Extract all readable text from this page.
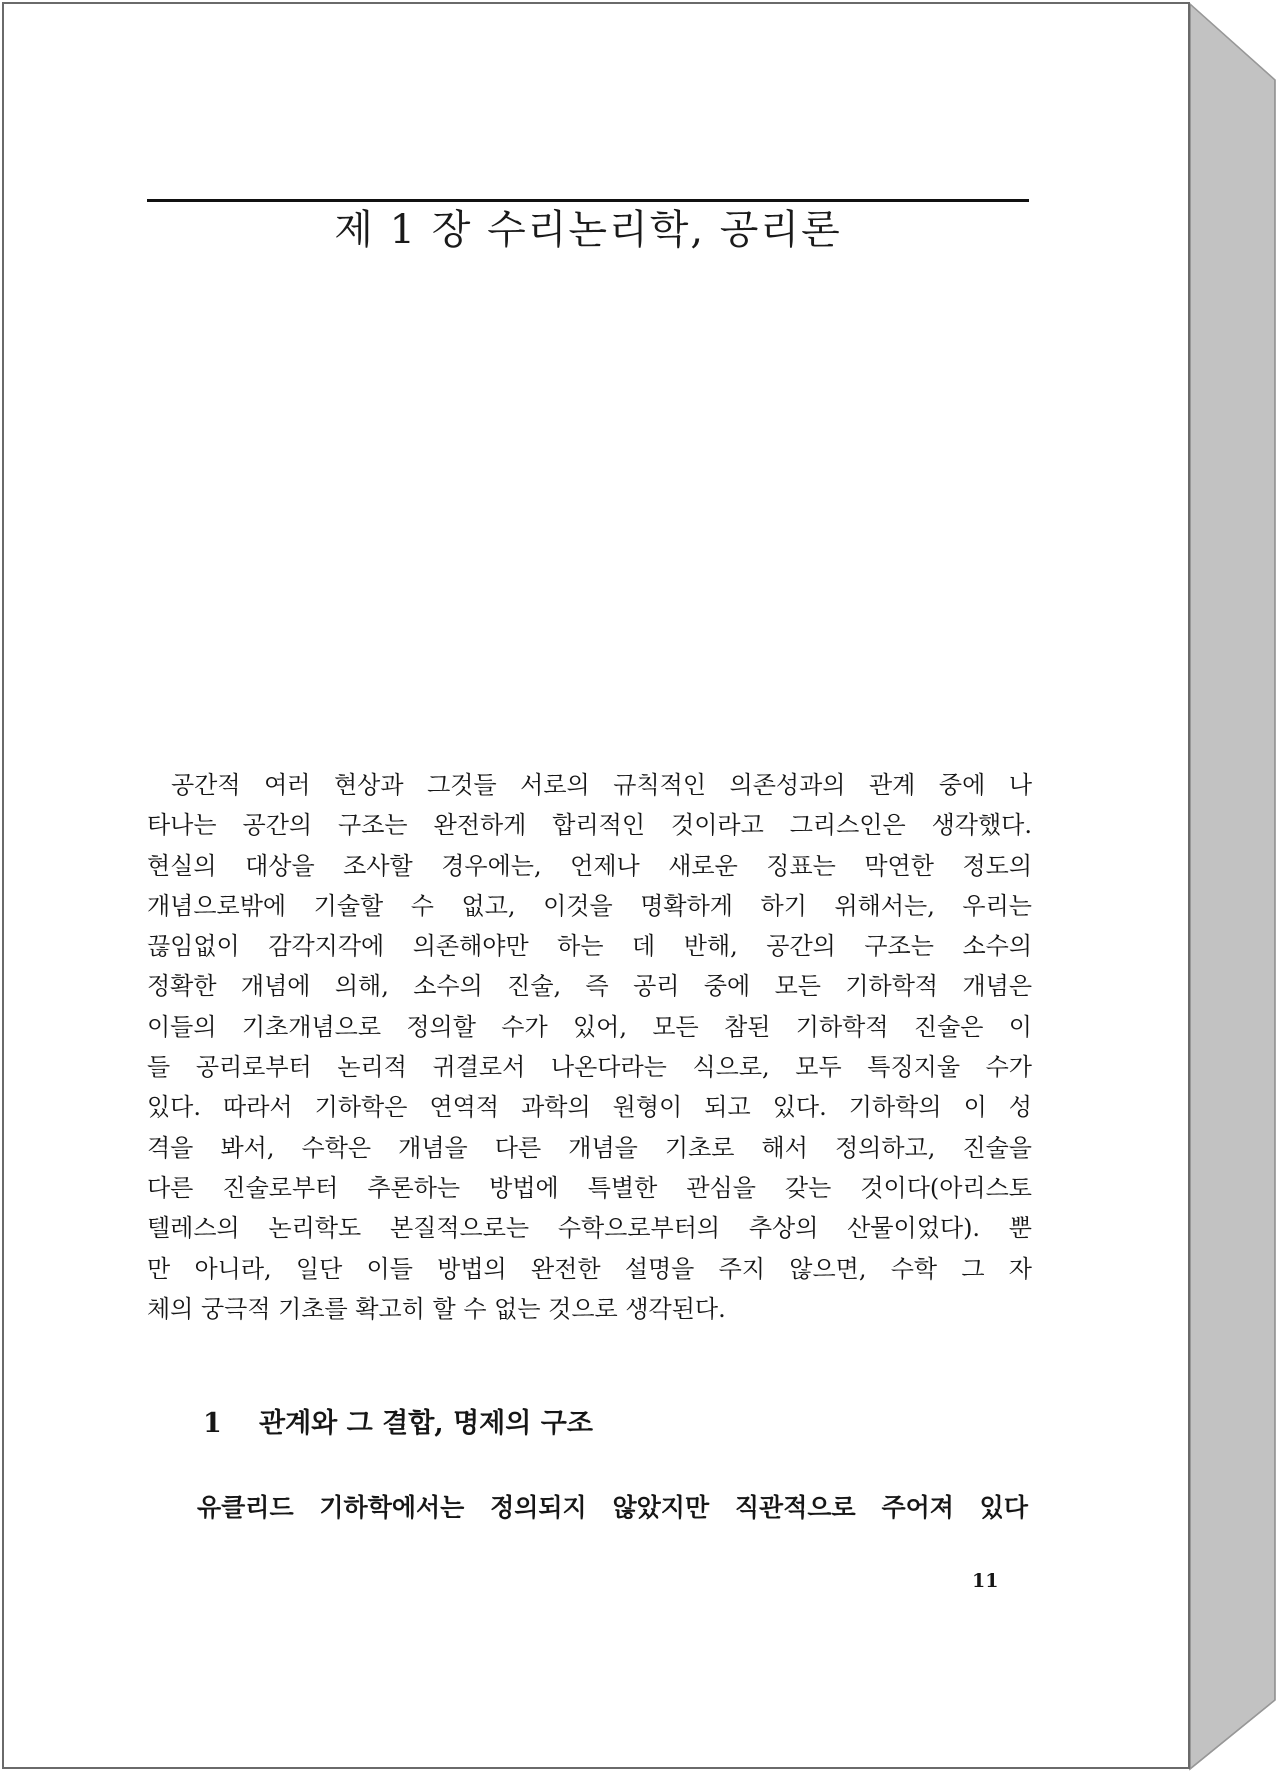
제 1 장 수리논리학, 공리론
공간적 여러 현상과 그것들 서로의 규칙적인 의존성과의 관계 중에 나
타나는 공간의 구조는 완전하게 합리적인 것이라고 그리스인은 생각했다.
현실의 대상을 조사할 경우에는, 언제나 새로운 징표는 막연한 정도의
개념으로밖에 기술할 수 없고, 이것을 명확하게 하기 위해서는, 우리는
끊임없이 감각지각에 의존해야만 하는 데 반해, 공간의 구조는 소수의
정확한 개념에 의해, 소수의 진술, 즉 공리 중에 모든 기하학적 개념은
이들의 기초개념으로 정의할 수가 있어, 모든 참된 기하학적 진술은 이
들 공리로부터 논리적 귀결로서 나온다라는 식으로, 모두 특징지울 수가
있다. 따라서 기하학은 연역적 과학의 원형이 되고 있다. 기하학의 이 성
격을 봐서, 수학은 개념을 다른 개념을 기초로 해서 정의하고, 진술을
다른 진술로부터 추론하는 방법에 특별한 관심을 갖는 것이다(아리스토
텔레스의 논리학도 본질적으로는 수학으로부터의 추상의 산물이었다). 뿐
만 아니라, 일단 이들 방법의 완전한 설명을 주지 않으면, 수학 그 자
체의 궁극적 기초를 확고히 할 수 없는 것으로 생각된다.
1 관계와 그 결합, 명제의 구조
유클리드 기하학에서는 정의되지 않았지만 직관적으로 주어져 있다
11
